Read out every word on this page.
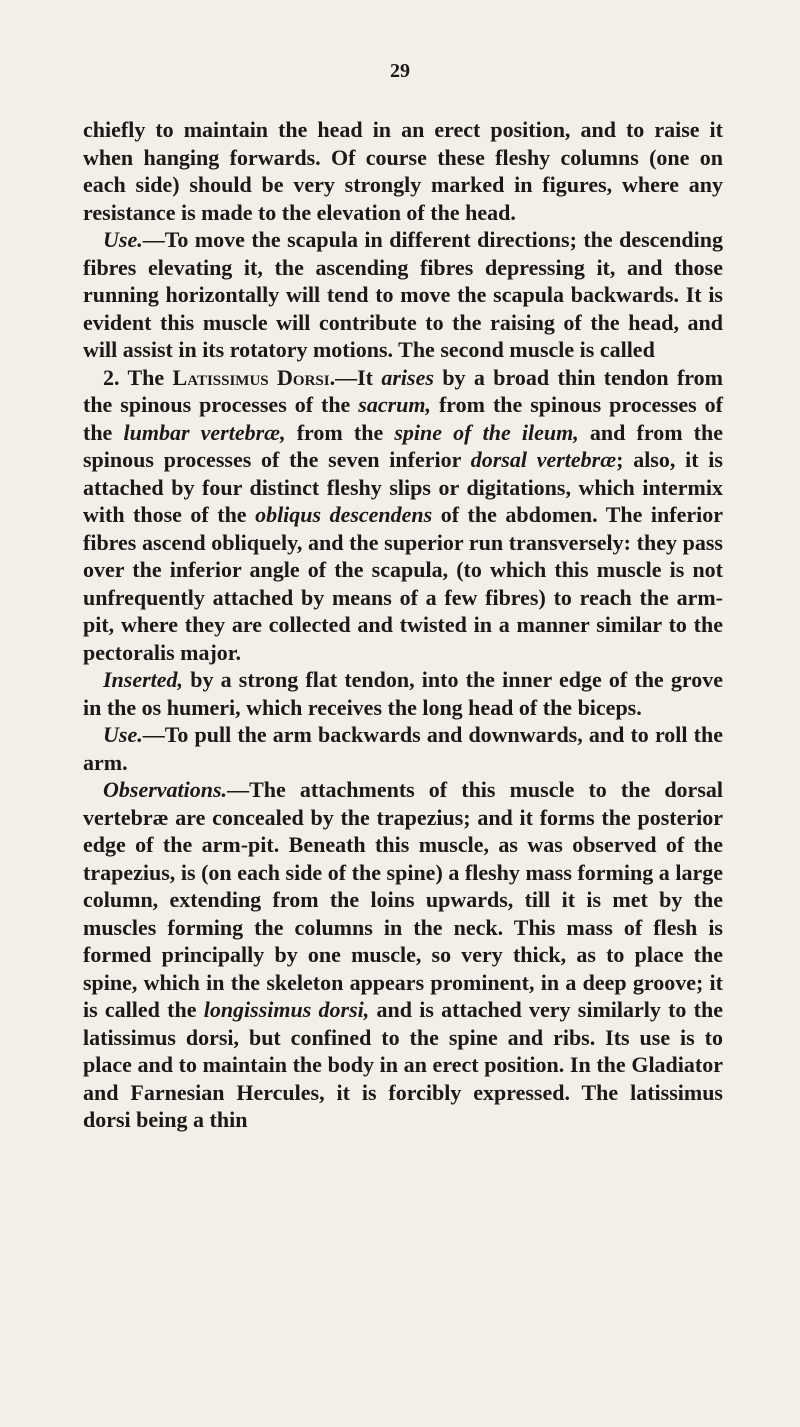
29

chiefly to maintain the head in an erect position, and to raise it when hanging forwards. Of course these fleshy columns (one on each side) should be very strongly marked in figures, where any resistance is made to the elevation of the head.

Use.—To move the scapula in different directions; the descending fibres elevating it, the ascending fibres depressing it, and those running horizontally will tend to move the scapula backwards. It is evident this muscle will contribute to the raising of the head, and will assist in its rotatory motions. The second muscle is called

2. The Latissimus Dorsi.—It arises by a broad thin tendon from the spinous processes of the sacrum, from the spinous processes of the lumbar vertebræ, from the spine of the ileum, and from the spinous processes of the seven inferior dorsal vertebræ; also, it is attached by four distinct fleshy slips or digitations, which intermix with those of the obliqus descendens of the abdomen. The inferior fibres ascend obliquely, and the superior run transversely: they pass over the inferior angle of the scapula, (to which this muscle is not unfrequently attached by means of a few fibres) to reach the arm-pit, where they are collected and twisted in a manner similar to the pectoralis major.

Inserted, by a strong flat tendon, into the inner edge of the grove in the os humeri, which receives the long head of the biceps.

Use.—To pull the arm backwards and downwards, and to roll the arm.

Observations.—The attachments of this muscle to the dorsal vertebræ are concealed by the trapezius; and it forms the posterior edge of the arm-pit. Beneath this muscle, as was observed of the trapezius, is (on each side of the spine) a fleshy mass forming a large column, extending from the loins upwards, till it is met by the muscles forming the columns in the neck. This mass of flesh is formed principally by one muscle, so very thick, as to place the spine, which in the skeleton appears prominent, in a deep groove; it is called the longissimus dorsi, and is attached very similarly to the latissimus dorsi, but confined to the spine and ribs. Its use is to place and to maintain the body in an erect position. In the Gladiator and Farnesian Hercules, it is forcibly expressed. The latissimus dorsi being a thin
